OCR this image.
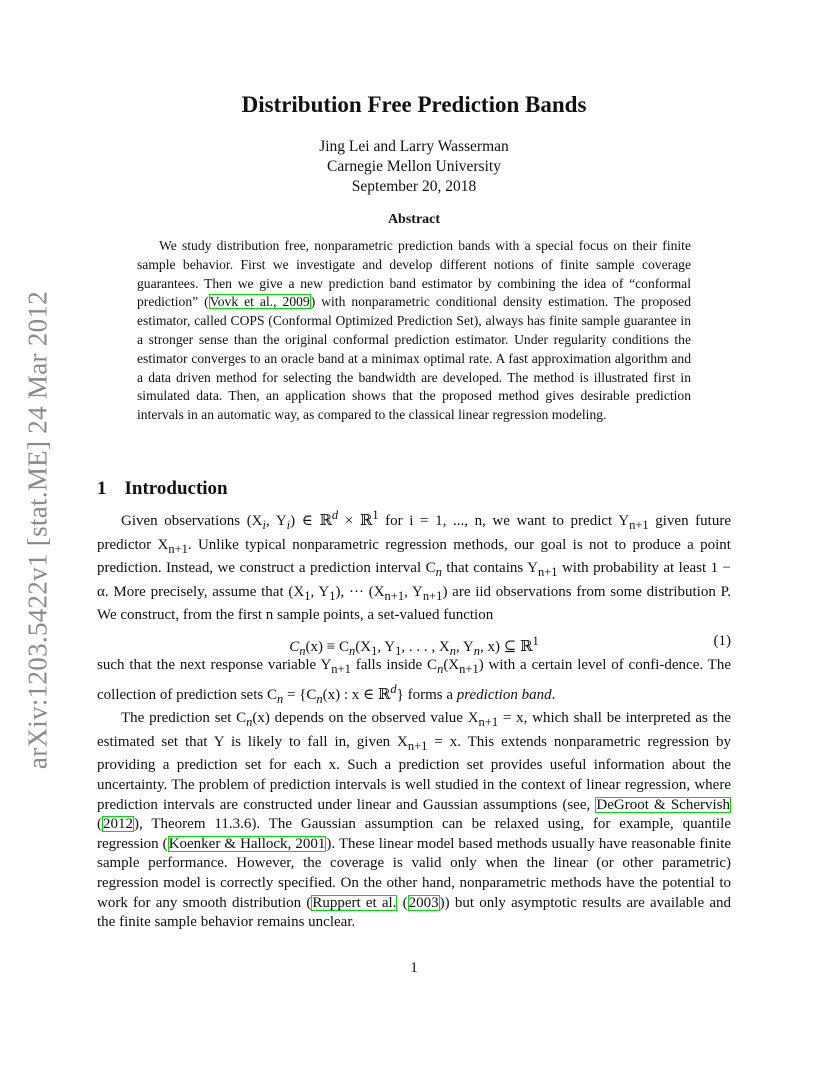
arXiv:1203.5422v1 [stat.ME] 24 Mar 2012
Distribution Free Prediction Bands
Jing Lei and Larry Wasserman
Carnegie Mellon University
September 20, 2018
Abstract

We study distribution free, nonparametric prediction bands with a special focus on their finite sample behavior. First we investigate and develop different notions of finite sample coverage guarantees. Then we give a new prediction band estimator by combining the idea of “conformal prediction” (Vovk et al., 2009) with nonparametric conditional density estimation. The proposed estimator, called COPS (Conformal Optimized Prediction Set), always has finite sample guarantee in a stronger sense than the original conformal prediction estimator. Under regularity conditions the estimator converges to an oracle band at a minimax optimal rate. A fast approximation algorithm and a data driven method for selecting the bandwidth are developed. The method is illustrated first in simulated data. Then, an application shows that the proposed method gives desirable prediction intervals in an automatic way, as compared to the classical linear regression modeling.

1 Introduction

Given observations ($X_i$, $Y_i$) ∈ ℝ$^d$ × ℝ$^1$ for i = 1, ..., n, we want to predict $Y_{n+1}$ given future predictor $X_{n+1}$. Unlike typical nonparametric regression methods, our goal is not to produce a point prediction. Instead, we construct a prediction interval $C_n$ that contains $Y_{n+1}$ with probability at least 1 − α. More precisely, assume that ($X_1$, $Y_1$), ··· ($X_{n+1}$, $Y_{n+1}$) are iid observations from some distribution P. We construct, from the first n sample points, a set-valued function

$C_n(x) \equiv C_n(X_1$, $Y_1$, . . . , $X_n$, $Y_n$, x) ⊆ ℝ$^1$	(1)

such that the next response variable $Y_{n+1}$ falls inside $C_n(X_{n+1})$ with a certain level of confi-dence. The collection of prediction sets $C_n = \{C_n(x)$ : x ∈ ℝ$^d$} forms a prediction band.

The prediction set $C_n(x)$ depends on the observed value $X_{n+1} = x$, which shall be interpreted as the estimated set that Y is likely to fall in, given $X_{n+1} = x$. This extends nonparametric regression by providing a prediction set for each x. Such a prediction set provides useful information about the uncertainty. The problem of prediction intervals is well studied in the context of linear regression, where prediction intervals are constructed under linear and Gaussian assumptions (see, DeGroot & Schervish (2012), Theorem 11.3.6). The Gaussian assumption can be relaxed using, for example, quantile regression (Koenker & Hallock, 2001). These linear model based methods usually have reasonable finite sample performance. However, the coverage is valid only when the linear (or other parametric) regression model is correctly specified. On the other hand, nonparametric methods have the potential to work for any smooth distribution (Ruppert et al. (2003)) but only asymptotic results are available and the finite sample behavior remains unclear.

1
